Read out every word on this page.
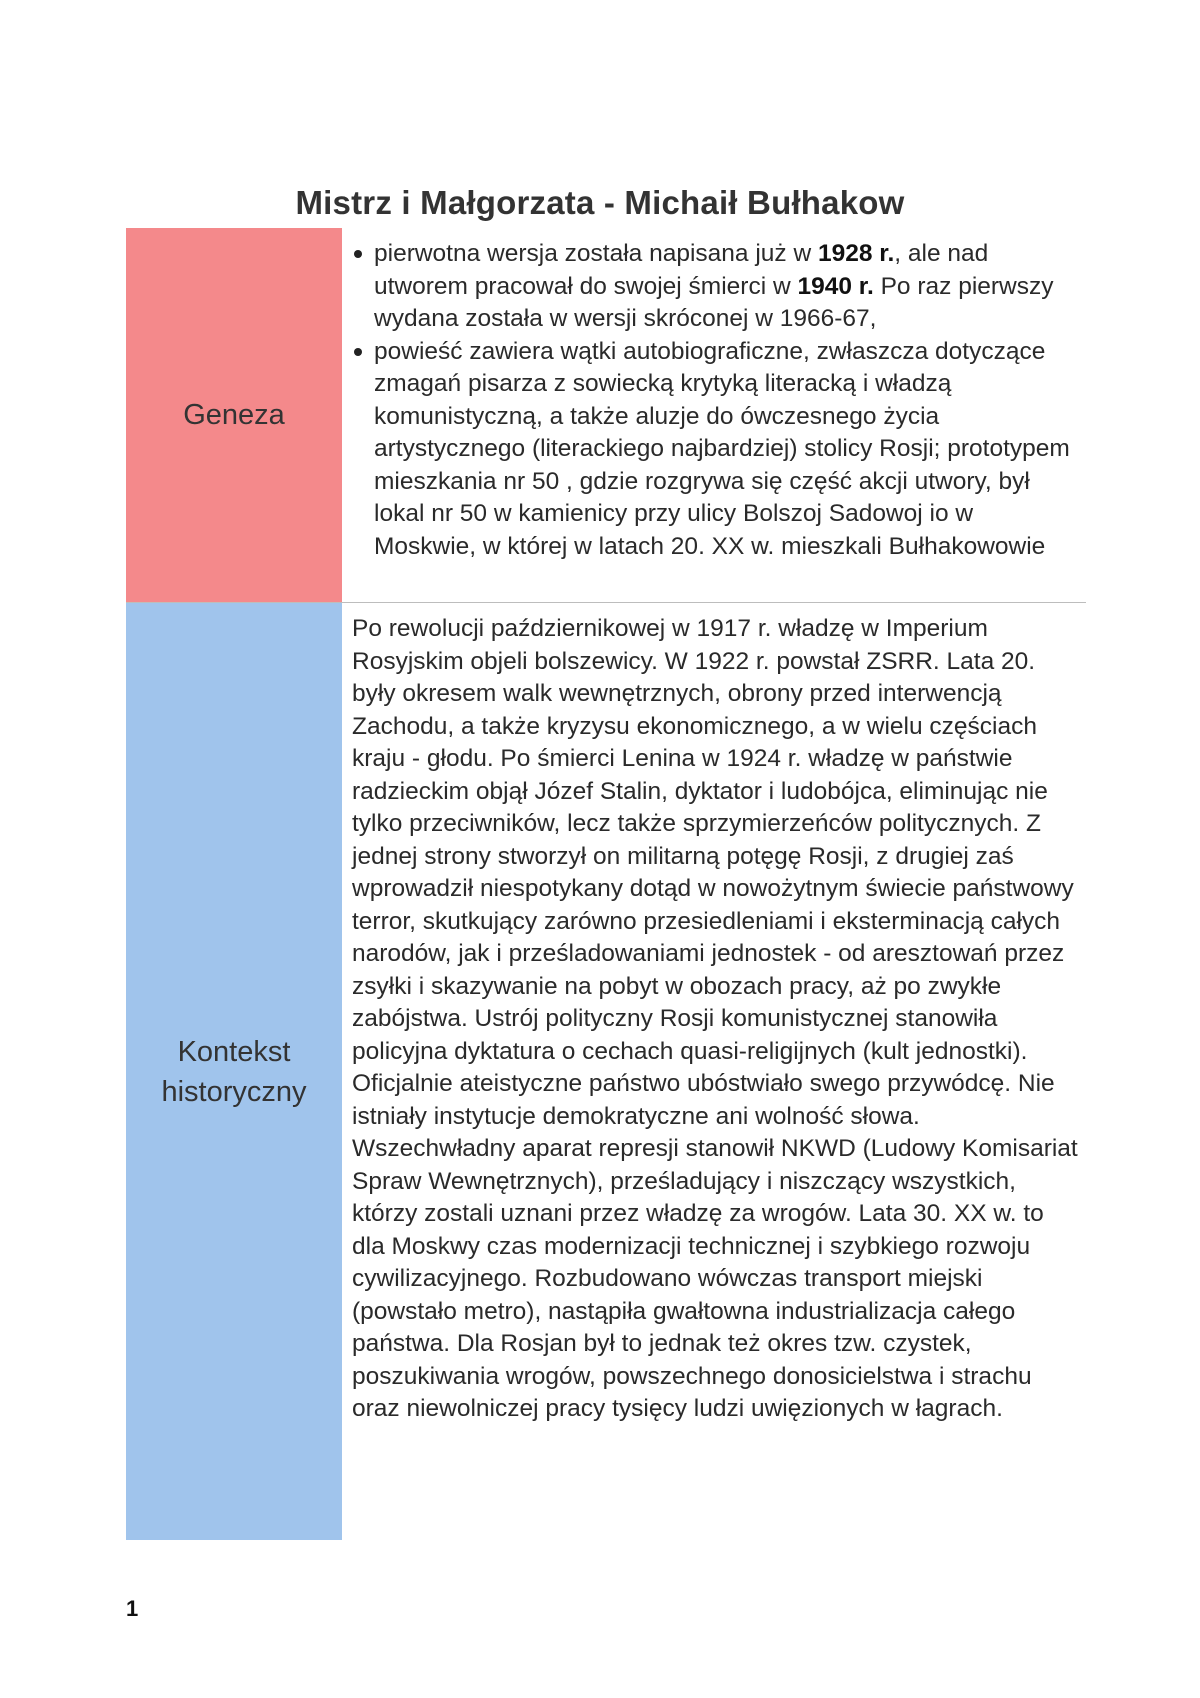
Mistrz i Małgorzata - Michaił Bułhakow
Geneza
pierwotna wersja została napisana już w 1928 r., ale nad utworem pracował do swojej śmierci w 1940 r. Po raz pierwszy wydana została w wersji skróconej w 1966-67,
powieść zawiera wątki autobiograficzne, zwłaszcza dotyczące zmagań pisarza z sowiecką krytyką literacką i władzą komunistyczną, a także aluzje do ówczesnego życia artystycznego (literackiego najbardziej) stolicy Rosji; prototypem mieszkania nr 50 , gdzie rozgrywa się część akcji utwory, był lokal nr 50 w kamienicy przy ulicy Bolszoj Sadowoj io w Moskwie, w której w latach 20. XX w. mieszkali Bułhakowowie
Kontekst
historyczny

Po rewolucji październikowej w 1917 r. władzę w Imperium Rosyjskim objeli bolszewicy. W 1922 r. powstał ZSRR. Lata 20. były okresem walk wewnętrznych, obrony przed interwencją Zachodu, a także kryzysu ekonomicznego, a w wielu częściach kraju - głodu. Po śmierci Lenina w 1924 r. władzę w państwie radzieckim objął Józef Stalin, dyktator i ludobójca, eliminując nie tylko przeciwników, lecz także sprzymierzeńców politycznych. Z jednej strony stworzył on militarną potęgę Rosji, z drugiej zaś wprowadził niespotykany dotąd w nowożytnym świecie państwowy terror, skutkujący zarówno przesiedleniami i eksterminacją całych narodów, jak i prześladowaniami jednostek - od aresztowań przez zsyłki i skazywanie na pobyt w obozach pracy, aż po zwykłe zabójstwa. Ustrój polityczny Rosji komunistycznej stanowiła policyjna dyktatura o cechach quasi-religijnych (kult jednostki). Oficjalnie ateistyczne państwo ubóstwiało swego przywódcę. Nie istniały instytucje demokratyczne ani wolność słowa. Wszechwładny aparat represji stanowił NKWD (Ludowy Komisariat Spraw Wewnętrznych), prześladujący i niszczący wszystkich, którzy zostali uznani przez władzę za wrogów. Lata 30. XX w. to dla Moskwy czas modernizacji technicznej i szybkiego rozwoju cywilizacyjnego. Rozbudowano wówczas transport miejski (powstało metro), nastąpiła gwałtowna industrializacja całego państwa. Dla Rosjan był to jednak też okres tzw. czystek, poszukiwania wrogów, powszechnego donosicielstwa i strachu oraz niewolniczej pracy tysięcy ludzi uwięzionych w łagrach.

1
